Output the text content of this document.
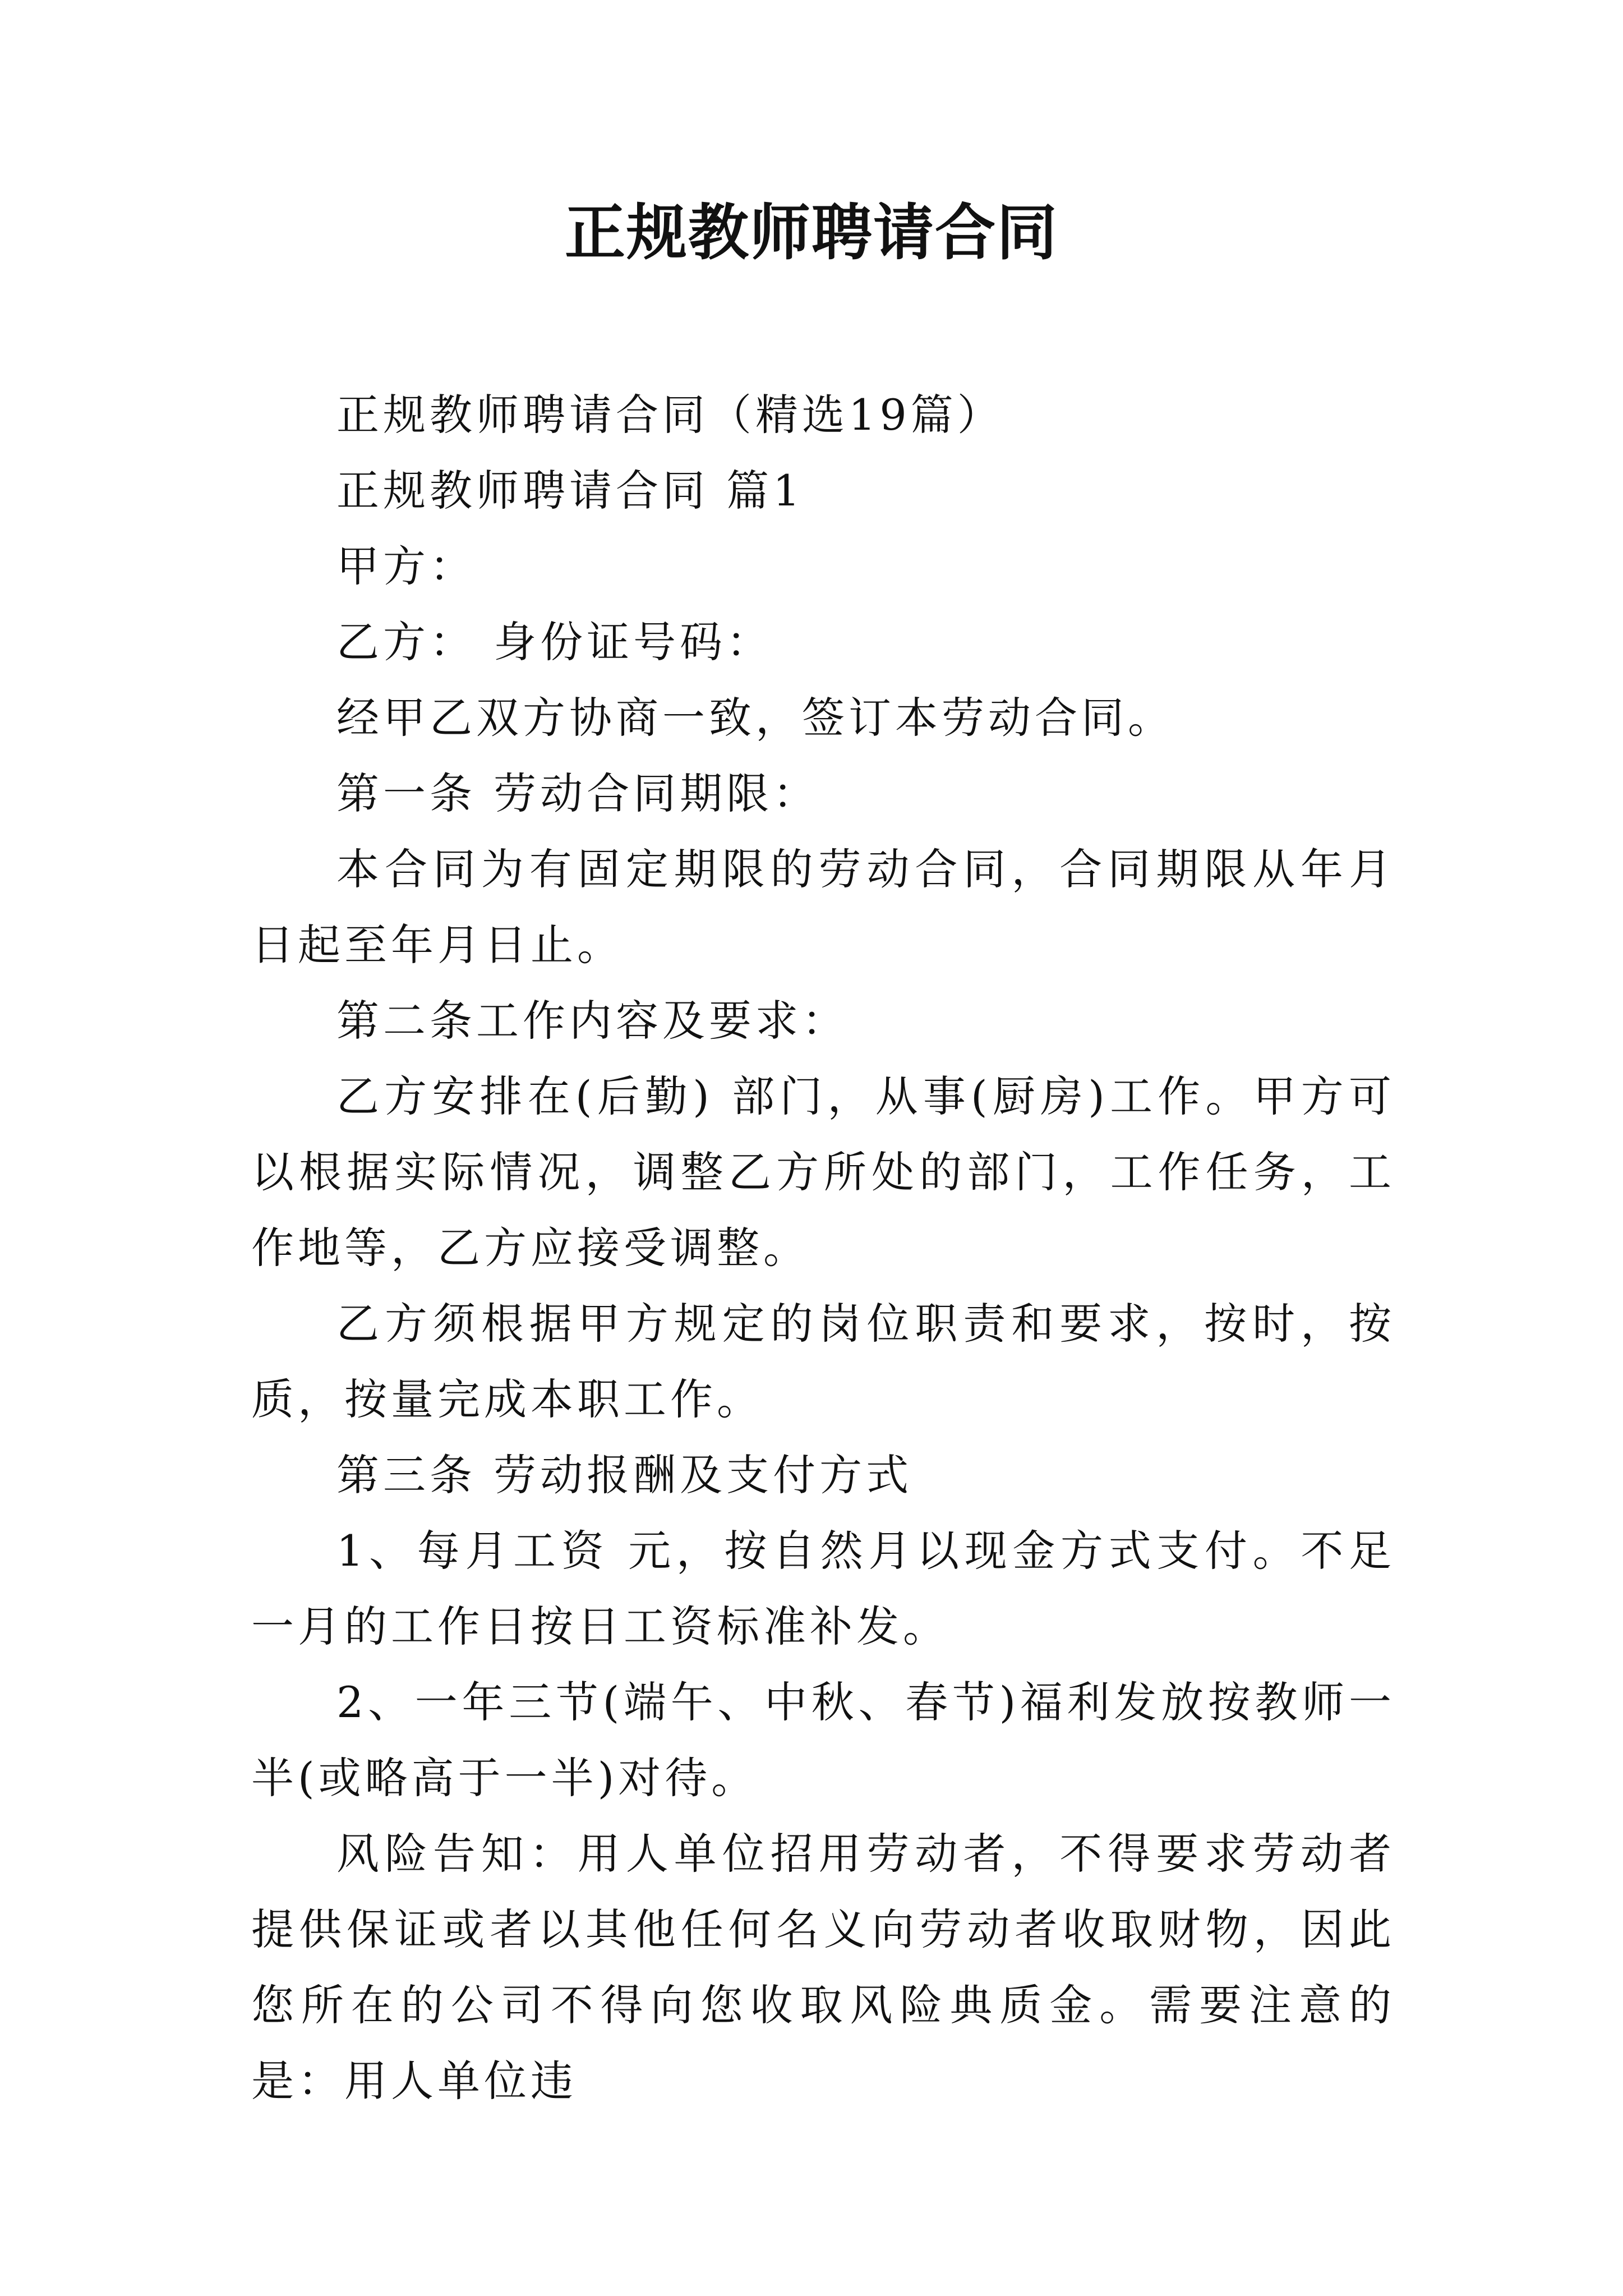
正规教师聘请合同

正规教师聘请合同（精选19篇）

正规教师聘请合同 篇1

甲方：

乙方： 身份证号码：

经甲乙双方协商一致，签订本劳动合同。

第一条 劳动合同期限：

本合同为有固定期限的劳动合同，合同期限从年月日起至年月日止。

第二条工作内容及要求：

乙方安排在(后勤) 部门，从事(厨房)工作。甲方可以根据实际情况，调整乙方所处的部门，工作任务，工作地等，乙方应接受调整。

乙方须根据甲方规定的岗位职责和要求，按时，按质，按量完成本职工作。

第三条 劳动报酬及支付方式

1、每月工资 元，按自然月以现金方式支付。不足一月的工作日按日工资标准补发。

2、一年三节(端午、中秋、春节)福利发放按教师一半(或略高于一半)对待。

风险告知：用人单位招用劳动者，不得要求劳动者提供保证或者以其他任何名义向劳动者收取财物，因此您所在的公司不得向您收取风险典质金。需要注意的是：用人单位违
